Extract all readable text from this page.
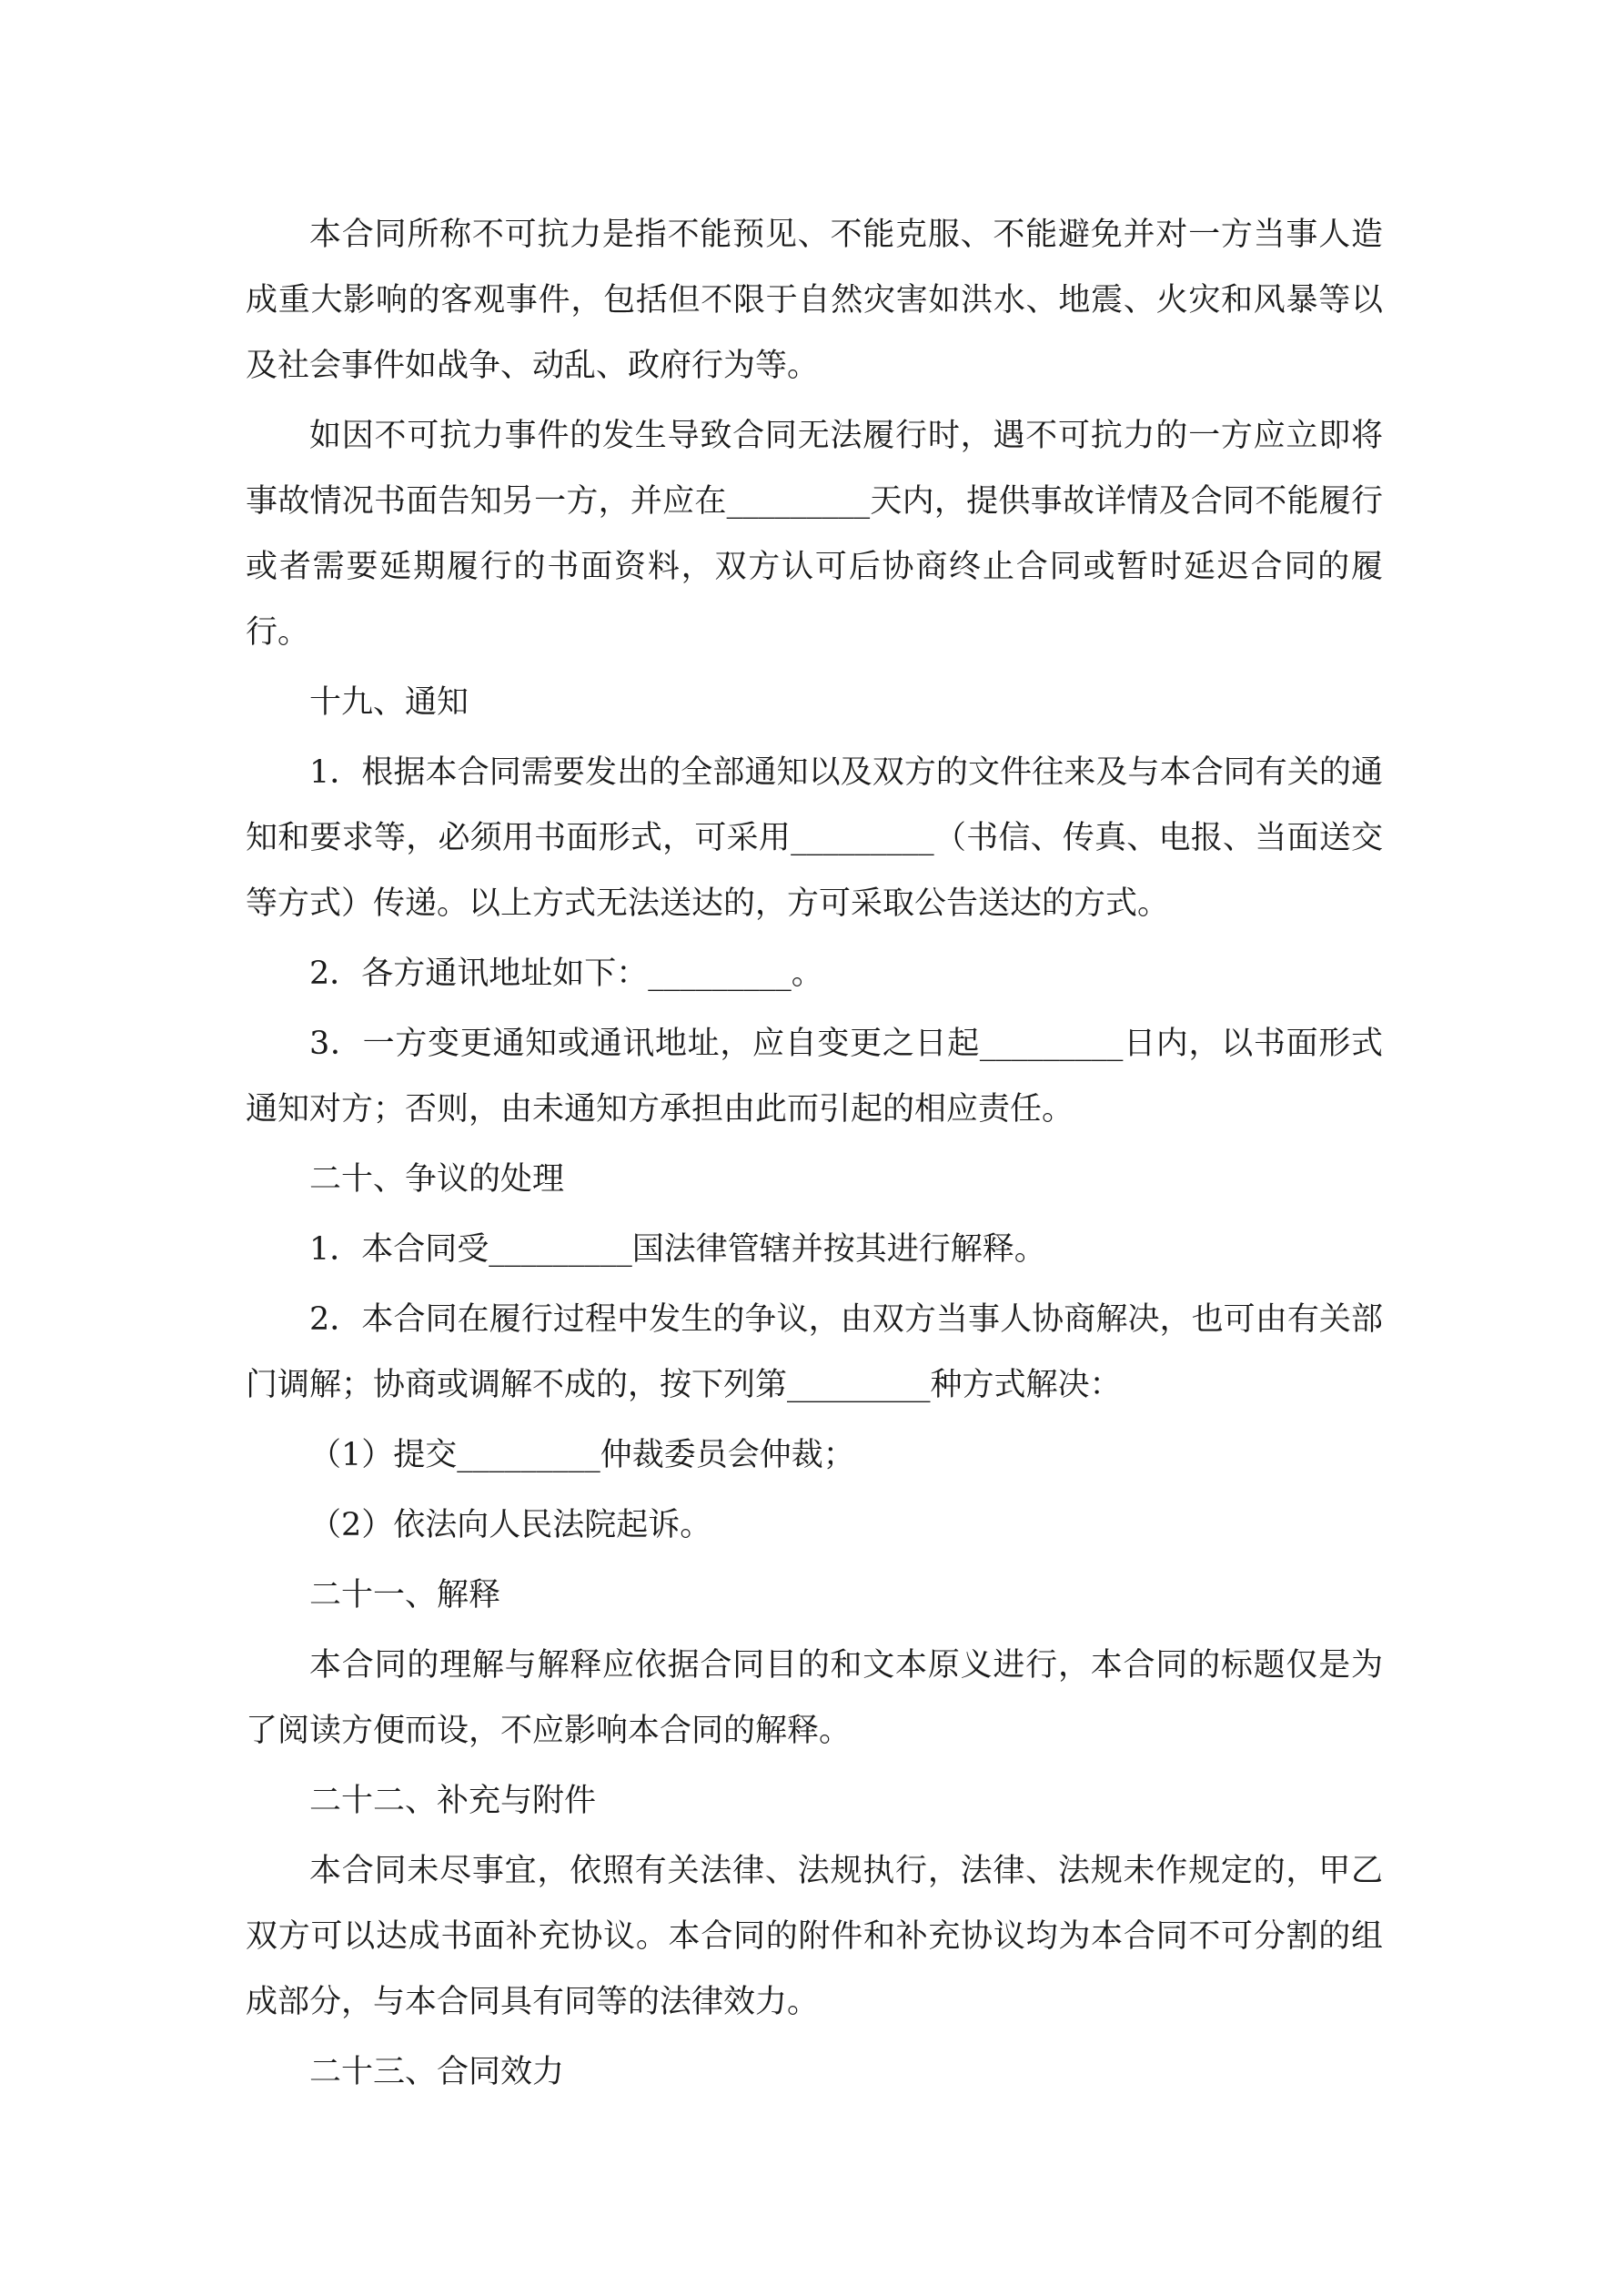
本合同所称不可抗力是指不能预见、不能克服、不能避免并对一方当事人造成重大影响的客观事件，包括但不限于自然灾害如洪水、地震、火灾和风暴等以及社会事件如战争、动乱、政府行为等。

如因不可抗力事件的发生导致合同无法履行时，遇不可抗力的一方应立即将事故情况书面告知另一方，并应在_________天内，提供事故详情及合同不能履行或者需要延期履行的书面资料，双方认可后协商终止合同或暂时延迟合同的履行。

十九、通知

1．根据本合同需要发出的全部通知以及双方的文件往来及与本合同有关的通知和要求等，必须用书面形式，可采用_________（书信、传真、电报、当面送交等方式）传递。以上方式无法送达的，方可采取公告送达的方式。

2．各方通讯地址如下：_________。

3．一方变更通知或通讯地址，应自变更之日起_________日内，以书面形式通知对方；否则，由未通知方承担由此而引起的相应责任。

二十、争议的处理

1．本合同受_________国法律管辖并按其进行解释。

2．本合同在履行过程中发生的争议，由双方当事人协商解决，也可由有关部门调解；协商或调解不成的，按下列第_________种方式解决：

（1）提交_________仲裁委员会仲裁；

（2）依法向人民法院起诉。

二十一、解释

本合同的理解与解释应依据合同目的和文本原义进行，本合同的标题仅是为了阅读方便而设，不应影响本合同的解释。

二十二、补充与附件

本合同未尽事宜，依照有关法律、法规执行，法律、法规未作规定的，甲乙双方可以达成书面补充协议。本合同的附件和补充协议均为本合同不可分割的组成部分，与本合同具有同等的法律效力。

二十三、合同效力
